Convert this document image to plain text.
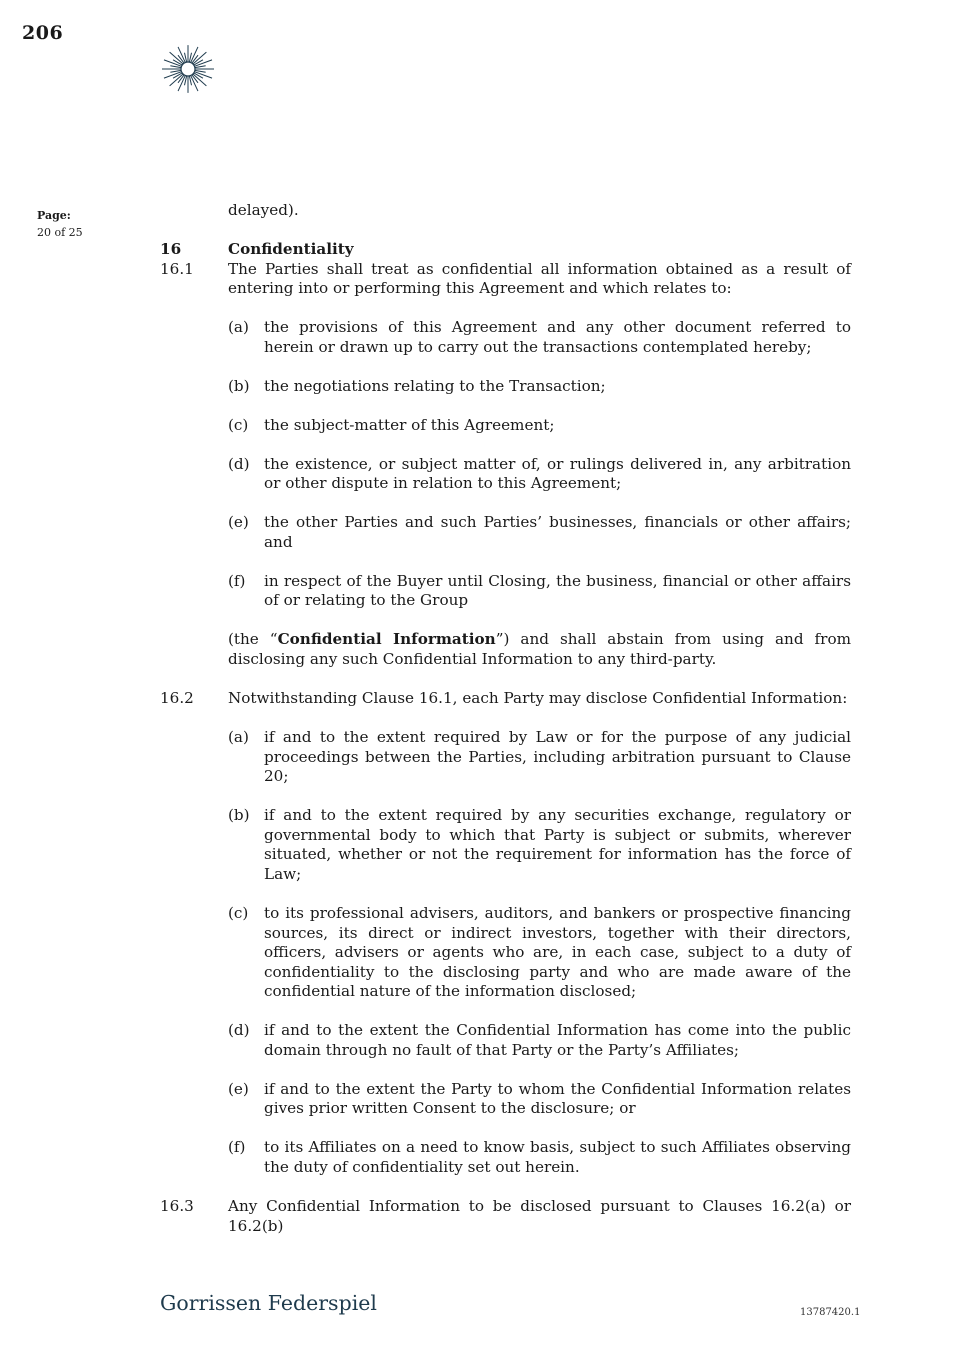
206
Page:
20 of 25
delayed).
16	Confidentiality
16.1	The Parties shall treat as confidential all information obtained as a result of entering into or performing this Agreement and which relates to:
(a) the provisions of this Agreement and any other document referred to herein or drawn up to carry out the transactions contemplated hereby;
(b) the negotiations relating to the Transaction;
(c)	the subject-matter of this Agreement;
(d) the existence, or subject matter of, or rulings delivered in, any arbitration or other dispute in relation to this Agreement;
(e) the other Parties and such Parties’ businesses, financials or other affairs; and
(f)	in respect of the Buyer until Closing, the business, financial or other affairs of or relating to the Group
(the “Confidential Information”) and shall abstain from using and from disclosing any such Confidential Information to any third-party.
16.2	Notwithstanding Clause 16.1, each Party may disclose Confidential Information:
(a) if and to the extent required by Law or for the purpose of any judicial proceedings between the Parties, including arbitration pursuant to Clause 20;
(b) if and to the extent required by any securities exchange, regulatory or governmental body to which that Party is subject or submits, wherever situated, whether or not the requirement for information has the force of Law;
(c)	to its professional advisers, auditors, and bankers or prospective financing sources, its direct or indirect investors, together with their directors, officers, advisers or agents who are, in each case, subject to a duty of confidentiality to the disclosing party and who are made aware of the confidential nature of the information disclosed;
(d) if and to the extent the Confidential Information has come into the public domain through no fault of that Party or the Party’s Affiliates;
(e) if and to the extent the Party to whom the Confidential Information relates gives prior written Consent to the disclosure; or
(f)	to its Affiliates on a need to know basis, subject to such Affiliates observing the duty of confidentiality set out herein.
16.3	Any Confidential Information to be disclosed pursuant to Clauses 16.2(a) or 16.2(b)
Gorrissen Federspiel	13787420.1
